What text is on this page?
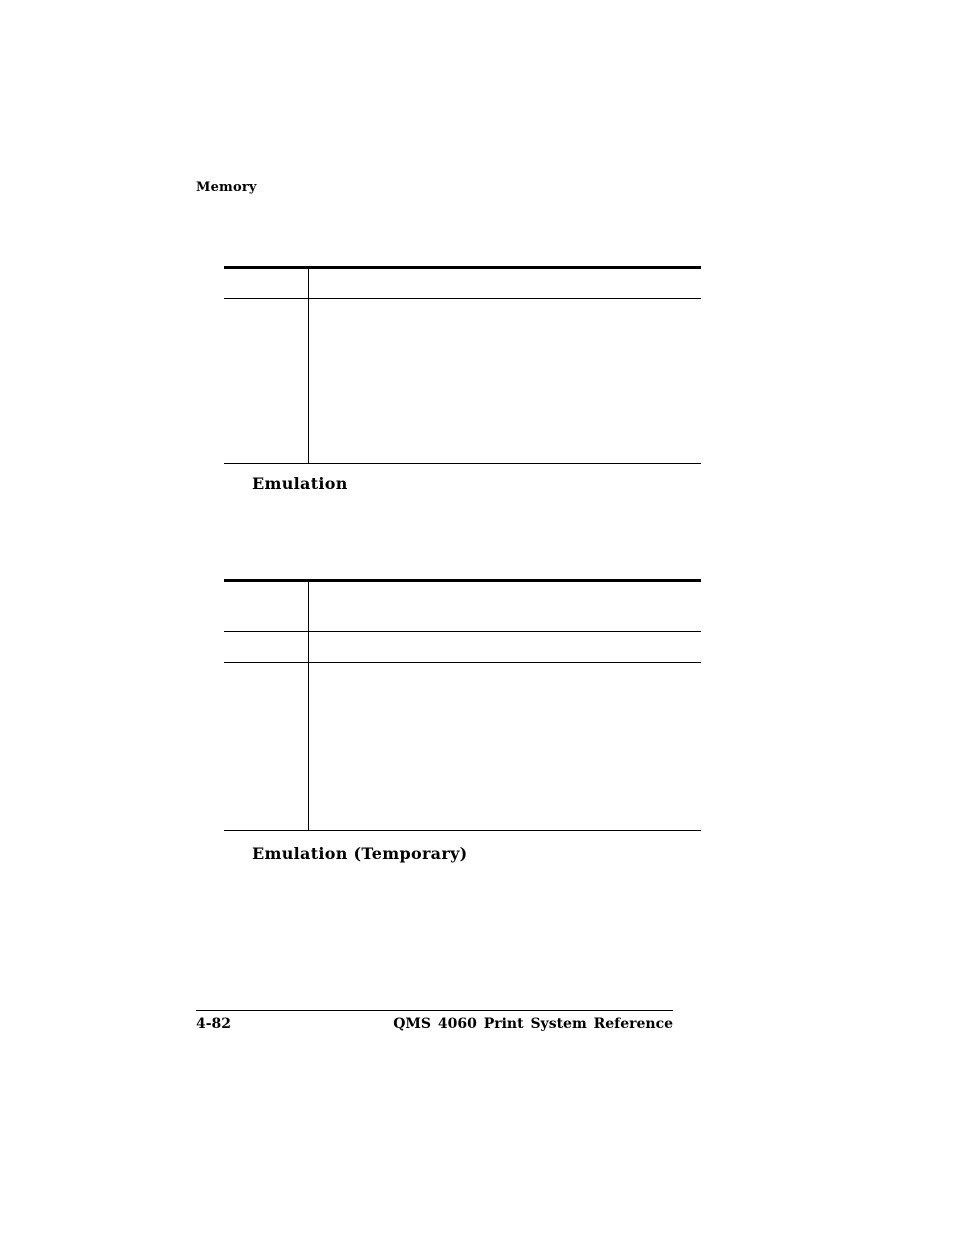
Memory
Emulation
Emulation (Temporary)
4-82	QMS 4060 Print System Reference
